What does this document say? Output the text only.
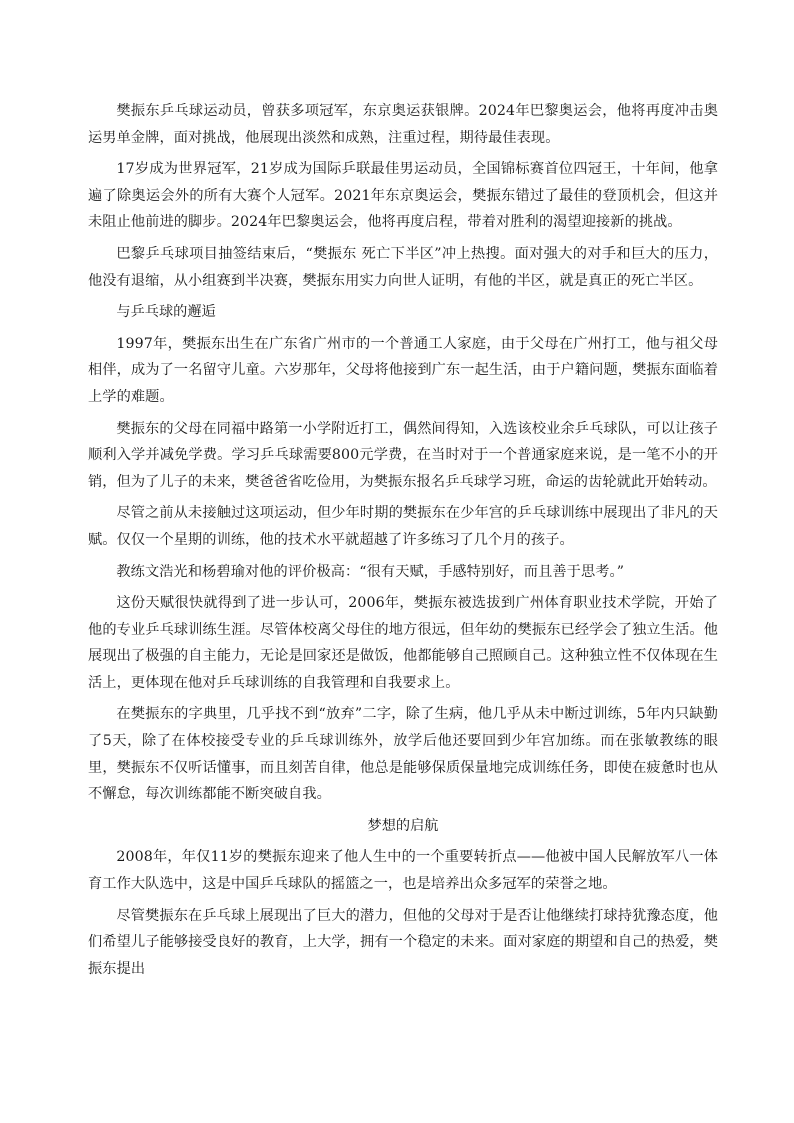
樊振东乒乓球运动员，曾获多项冠军，东京奥运获银牌。2024年巴黎奥运会，他将再度冲击奥运男单金牌，面对挑战，他展现出淡然和成熟，注重过程，期待最佳表现。

17岁成为世界冠军，21岁成为国际乒联最佳男运动员，全国锦标赛首位四冠王，十年间，他拿遍了除奥运会外的所有大赛个人冠军。2021年东京奥运会，樊振东错过了最佳的登顶机会，但这并未阻止他前进的脚步。2024年巴黎奥运会，他将再度启程，带着对胜利的渴望迎接新的挑战。

巴黎乒乓球项目抽签结束后，“樊振东 死亡下半区”冲上热搜。面对强大的对手和巨大的压力，他没有退缩，从小组赛到半决赛，樊振东用实力向世人证明，有他的半区，就是真正的死亡半区。

与乒乓球的邂逅

1997年，樊振东出生在广东省广州市的一个普通工人家庭，由于父母在广州打工，他与祖父母相伴，成为了一名留守儿童。六岁那年，父母将他接到广东一起生活，由于户籍问题，樊振东面临着上学的难题。

樊振东的父母在同福中路第一小学附近打工，偶然间得知，入选该校业余乒乓球队，可以让孩子顺利入学并减免学费。学习乒乓球需要800元学费，在当时对于一个普通家庭来说，是一笔不小的开销，但为了儿子的未来，樊爸爸省吃俭用，为樊振东报名乒乓球学习班，命运的齿轮就此开始转动。

尽管之前从未接触过这项运动，但少年时期的樊振东在少年宫的乒乓球训练中展现出了非凡的天赋。仅仅一个星期的训练，他的技术水平就超越了许多练习了几个月的孩子。

教练文浩光和杨碧瑜对他的评价极高：“很有天赋，手感特别好，而且善于思考。”

这份天赋很快就得到了进一步认可，2006年，樊振东被选拔到广州体育职业技术学院，开始了他的专业乒乓球训练生涯。尽管体校离父母住的地方很远，但年幼的樊振东已经学会了独立生活。他展现出了极强的自主能力，无论是回家还是做饭，他都能够自己照顾自己。这种独立性不仅体现在生活上，更体现在他对乒乓球训练的自我管理和自我要求上。

在樊振东的字典里，几乎找不到“放弃”二字，除了生病，他几乎从未中断过训练，5年内只缺勤了5天，除了在体校接受专业的乒乓球训练外，放学后他还要回到少年宫加练。而在张敏教练的眼里，樊振东不仅听话懂事，而且刻苦自律，他总是能够保质保量地完成训练任务，即使在疲惫时也从不懈怠，每次训练都能不断突破自我。

梦想的启航

2008年，年仅11岁的樊振东迎来了他人生中的一个重要转折点——他被中国人民解放军八一体育工作大队选中，这是中国乒乓球队的摇篮之一，也是培养出众多冠军的荣誉之地。

尽管樊振东在乒乓球上展现出了巨大的潜力，但他的父母对于是否让他继续打球持犹豫态度，他们希望儿子能够接受良好的教育，上大学，拥有一个稳定的未来。面对家庭的期望和自己的热爱，樊振东提出
